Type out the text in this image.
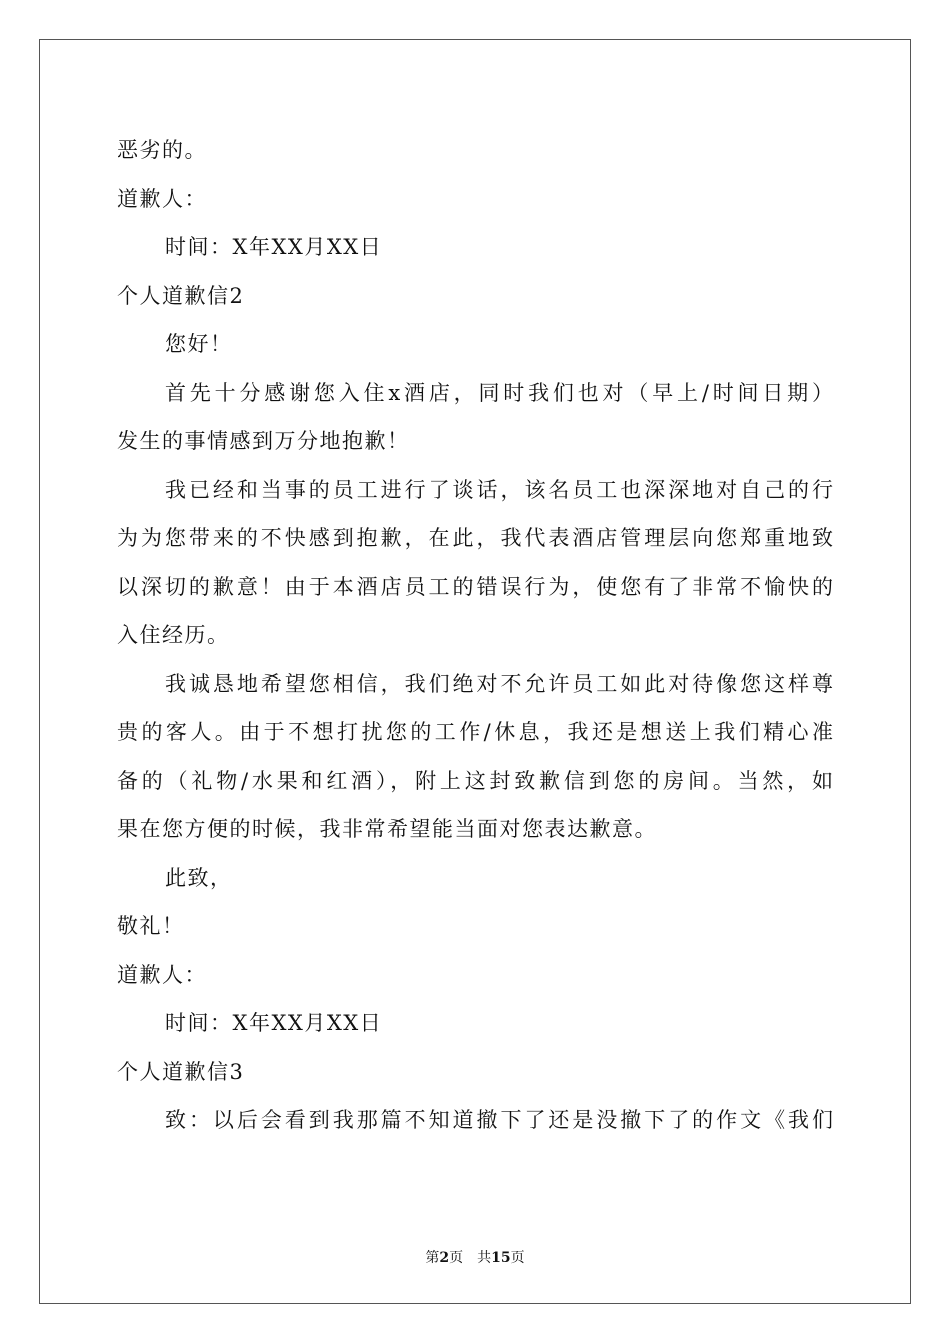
恶劣的。
道歉人：
时间：X年XX月XX日
个人道歉信2
您好！
首先十分感谢您入住x酒店，同时我们也对（早上/时间日期）
发生的事情感到万分地抱歉！
我已经和当事的员工进行了谈话，该名员工也深深地对自己的行
为为您带来的不快感到抱歉，在此，我代表酒店管理层向您郑重地致
以深切的歉意！由于本酒店员工的错误行为，使您有了非常不愉快的
入住经历。
我诚恳地希望您相信，我们绝对不允许员工如此对待像您这样尊
贵的客人。由于不想打扰您的工作/休息，我还是想送上我们精心准
备的（礼物/水果和红酒），附上这封致歉信到您的房间。当然，如
果在您方便的时候，我非常希望能当面对您表达歉意。
此致，
敬礼！
道歉人：
时间：X年XX月XX日
个人道歉信3
致：以后会看到我那篇不知道撤下了还是没撤下了的作文《我们
第2页 共15页
